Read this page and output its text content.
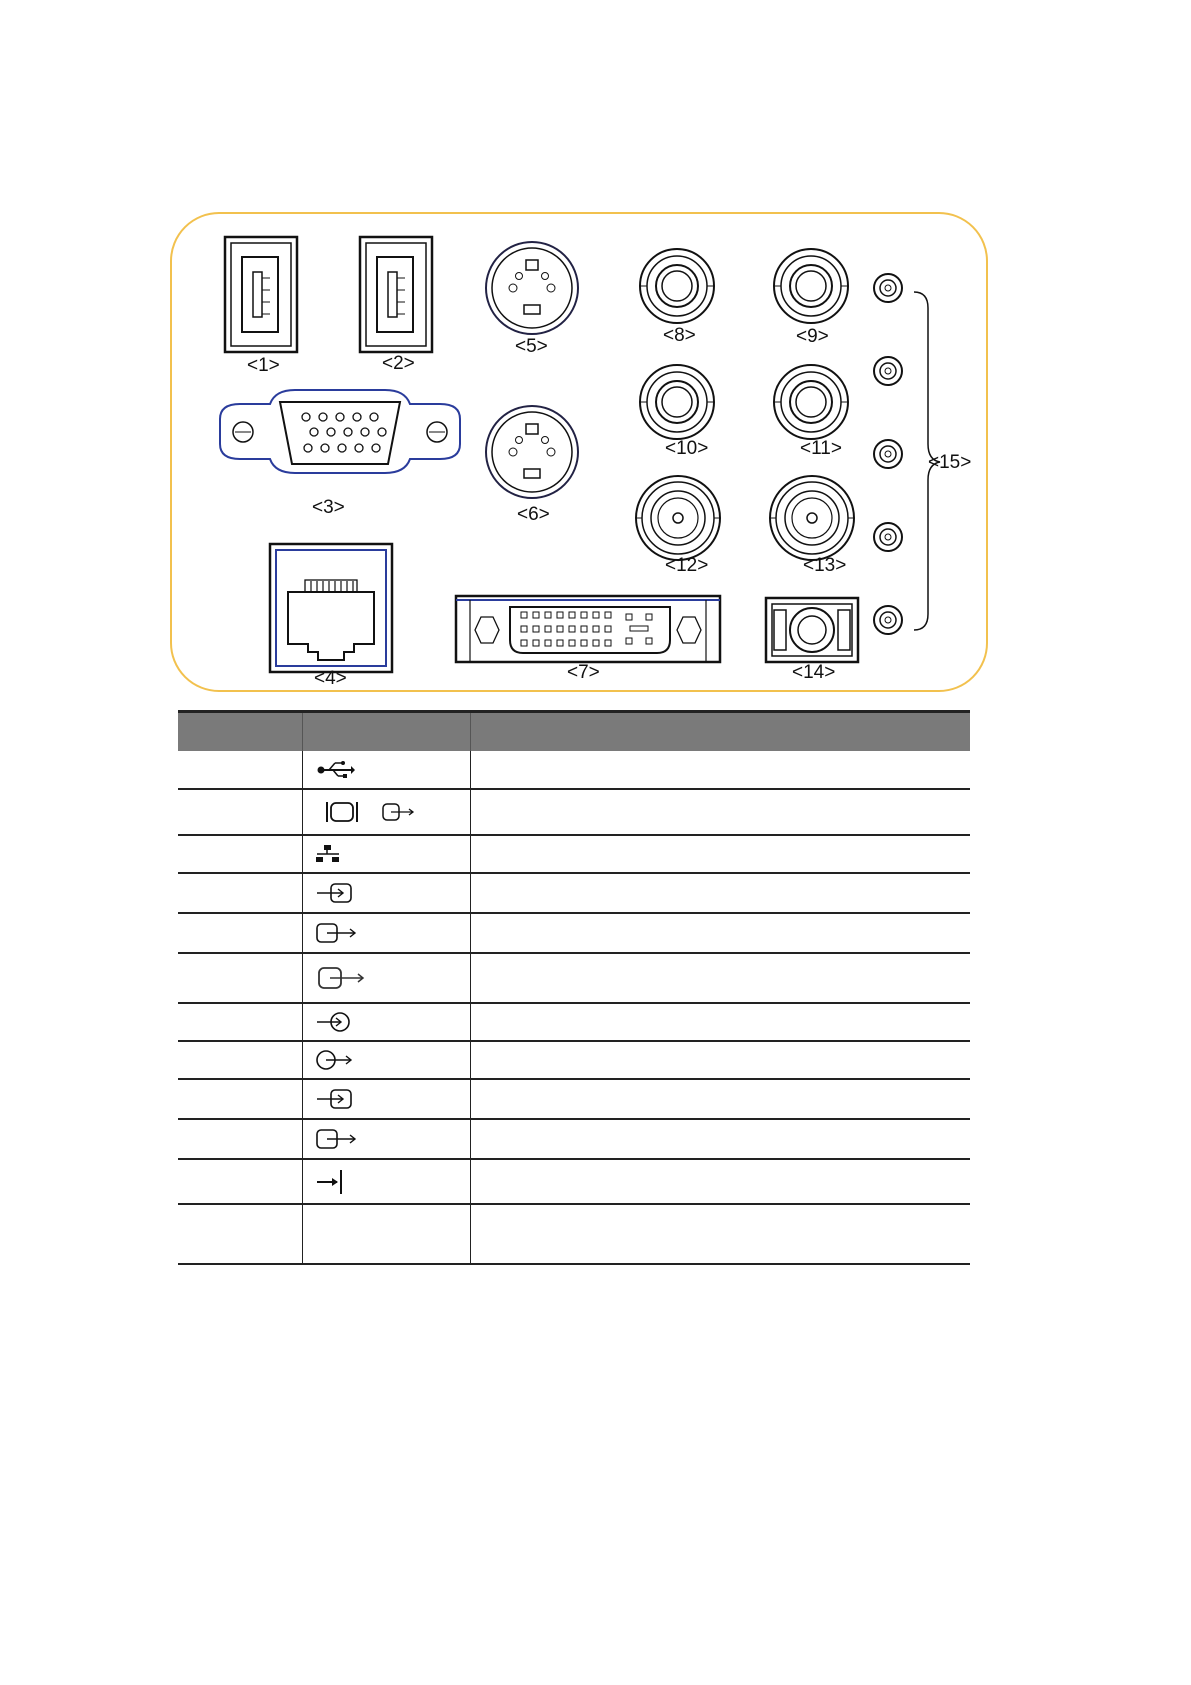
<1>	<2>
<3>
<4>
<5>
<6>
<7>
<8>	<9>
<10>	<11>
<12>	<13>
<14>
<15>
